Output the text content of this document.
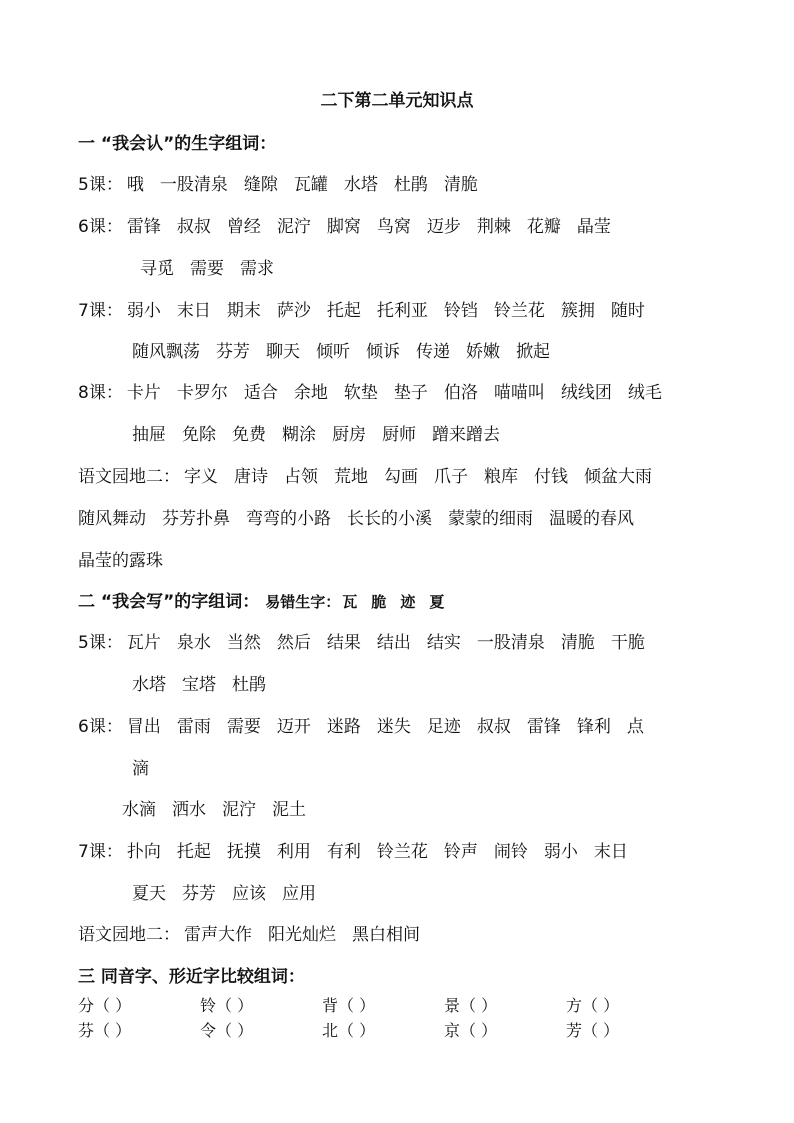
二下第二单元知识点
一 “我会认”的生字组词：
5课： 哦 一股清泉 缝隙 瓦罐 水塔 杜鹃 清脆
6课： 雷锋 叔叔 曾经 泥泞 脚窝 鸟窝 迈步 荆棘 花瓣 晶莹
寻觅 需要 需求
7课： 弱小 末日 期末 萨沙 托起 托利亚 铃铛 铃兰花 簇拥 随时
随风飘荡 芬芳 聊天 倾听 倾诉 传递 娇嫩 掀起
8课： 卡片 卡罗尔 适合 余地 软垫 垫子 伯洛 喵喵叫 绒线团 绒毛
抽屉 免除 免费 糊涂 厨房 厨师 蹭来蹭去
语文园地二： 字义 唐诗 占领 荒地 勾画 爪子 粮库 付钱 倾盆大雨
随风舞动 芬芳扑鼻 弯弯的小路 长长的小溪 蒙蒙的细雨 温暖的春风
晶莹的露珠
二 “我会写”的字组词： 易错生字： 瓦 脆 迹 夏
5课： 瓦片 泉水 当然 然后 结果 结出 结实 一股清泉 清脆 干脆
水塔 宝塔 杜鹃
6课： 冒出 雷雨 需要 迈开 迷路 迷失 足迹 叔叔 雷锋 锋利 点
滴
水滴 洒水 泥泞 泥土
7课： 扑向 托起 抚摸 利用 有利 铃兰花 铃声 闹铃 弱小 末日
夏天 芬芳 应该 应用
语文园地二： 雷声大作 阳光灿烂 黑白相间
三 同音字、形近字比较组词：
分（ ）	铃（ ）	背（ ）	景（ ）	方（ ）
芬（ ）	令（ ）	北（ ）	京（ ）	芳（ ）
